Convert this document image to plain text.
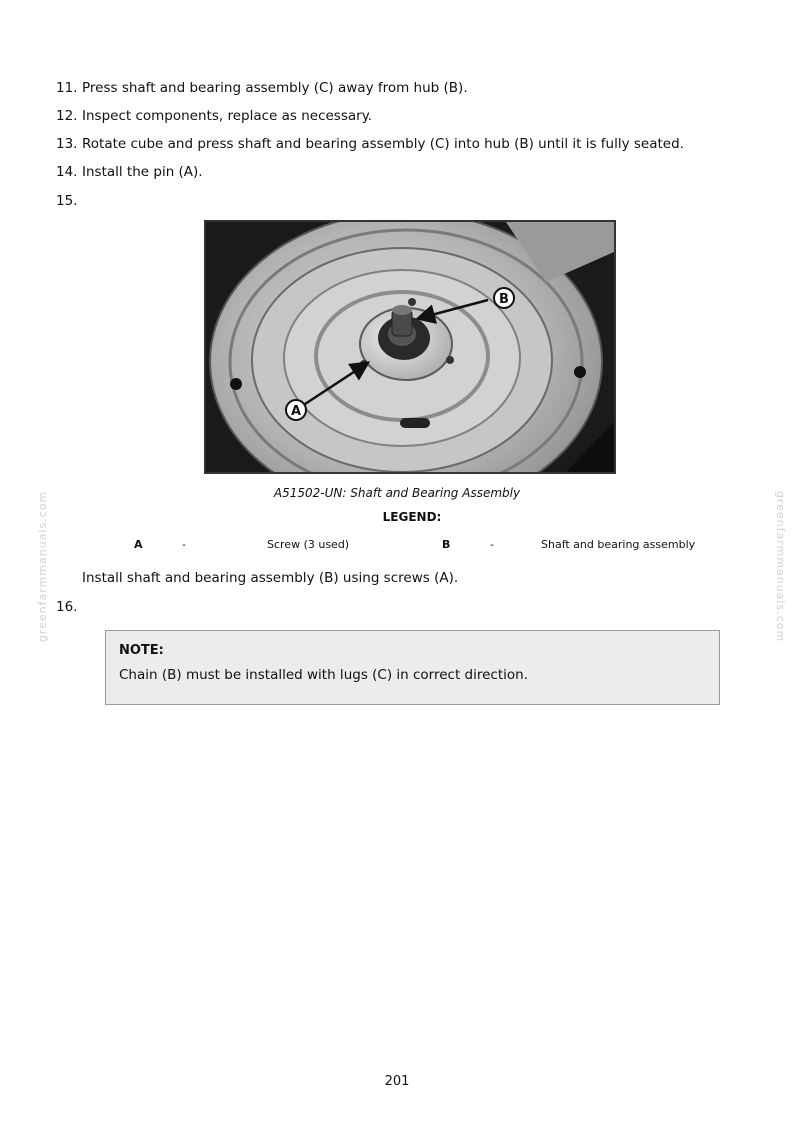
11. Press shaft and bearing assembly (C) away from hub (B).
12. Inspect components, replace as necessary.
13. Rotate cube and press shaft and bearing assembly (C) into hub (B) until it is fully seated.
14. Install the pin (A).
15.
B
A
A51502-UN: Shaft and Bearing Assembly
LEGEND:
A	-	Screw (3 used)	B	-	Shaft and bearing assembly
Install shaft and bearing assembly (B) using screws (A).
16.
NOTE:
Chain (B) must be installed with lugs (C) in correct direction.
greenfarmmanuals.com	greenfarmmanuals.com
201
